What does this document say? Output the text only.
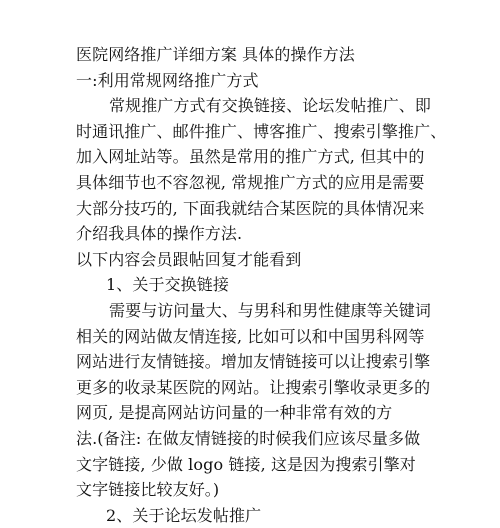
医院网络推广详细方案 具体的操作方法
一:利用常规网络推广方式
常规推广方式有交换链接、论坛发帖推广、即
时通讯推广、邮件推广、博客推广、搜索引擎推广、
加入网址站等。虽然是常用的推广方式, 但其中的
具体细节也不容忽视, 常规推广方式的应用是需要
大部分技巧的, 下面我就结合某医院的具体情况来
介绍我具体的操作方法.
以下内容会员跟帖回复才能看到
1、关于交换链接
需要与访问量大、与男科和男性健康等关键词
相关的网站做友情连接, 比如可以和中国男科网等
网站进行友情链接。增加友情链接可以让搜索引擎
更多的收录某医院的网站。让搜索引擎收录更多的
网页, 是提高网站访问量的一种非常有效的方
法.(备注: 在做友情链接的时候我们应该尽量多做
文字链接, 少做 logo 链接, 这是因为搜索引擎对
文字链接比较友好。)
2、关于论坛发帖推广
